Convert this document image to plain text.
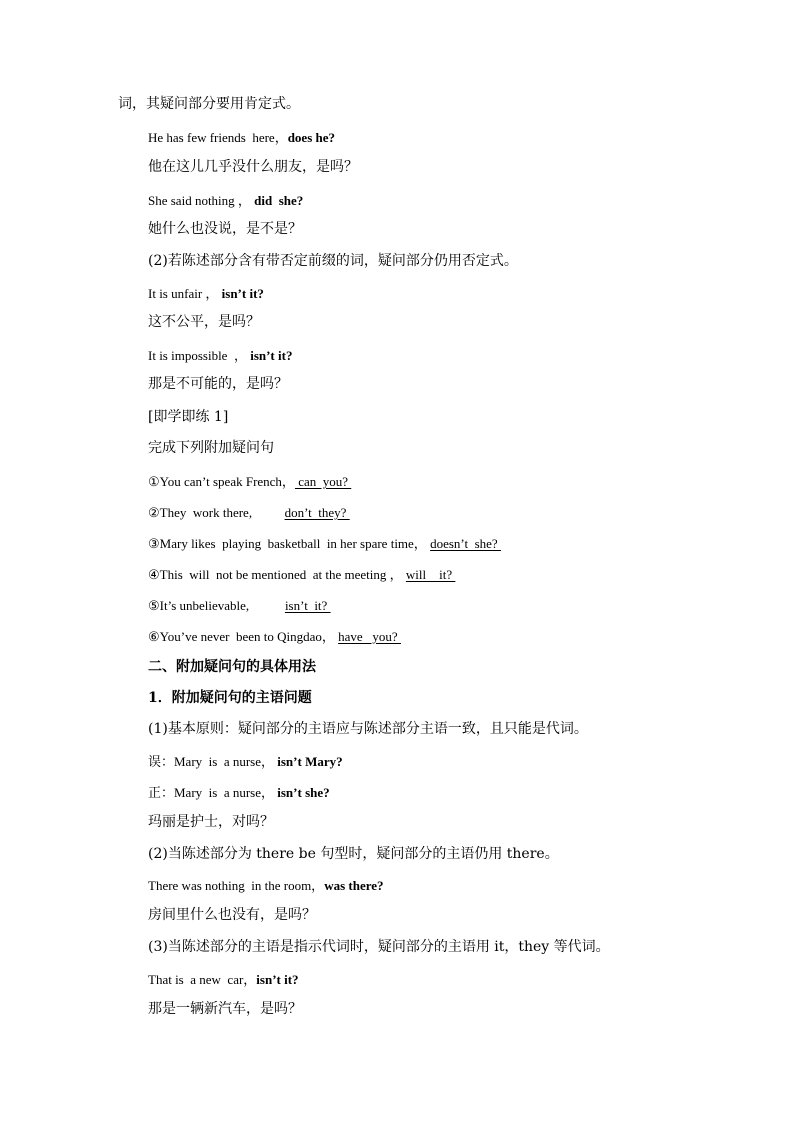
词，其疑问部分要用肯定式。
He has few friends  here，does he?
他在这儿几乎没什么朋友，是吗？
She said nothing ， did  she?
她什么也没说，是不是？
(2)若陈述部分含有带否定前缀的词，疑问部分仍用否定式。
It is unfair ， isn’t it?
这不公平，是吗？
It is impossible  ， isn’t it?
那是不可能的，是吗？
[即学即练 1]
完成下列附加疑问句
①You can’t speak French， can  you?
②They  work there,          don’t  they?
③Mary likes  playing  basketball  in her spare time， doesn’t  she?
④This  will  not be mentioned  at the meeting ， will    it?
⑤It’s unbelievable,           isn’t  it?
⑥You’ve never  been to Qingdao， have   you?
二、附加疑问句的具体用法
1．附加疑问句的主语问题
(1)基本原则：疑问部分的主语应与陈述部分主语一致，且只能是代词。
误：Mary  is  a nurse， isn’t Mary?
正：Mary  is  a nurse， isn’t she?
玛丽是护士，对吗？
(2)当陈述部分为 there be 句型时，疑问部分的主语仍用 there。
There was nothing  in the room，was there?
房间里什么也没有，是吗？
(3)当陈述部分的主语是指示代词时，疑问部分的主语用 it，they 等代词。
That is  a new  car，isn’t it?
那是一辆新汽车，是吗？
